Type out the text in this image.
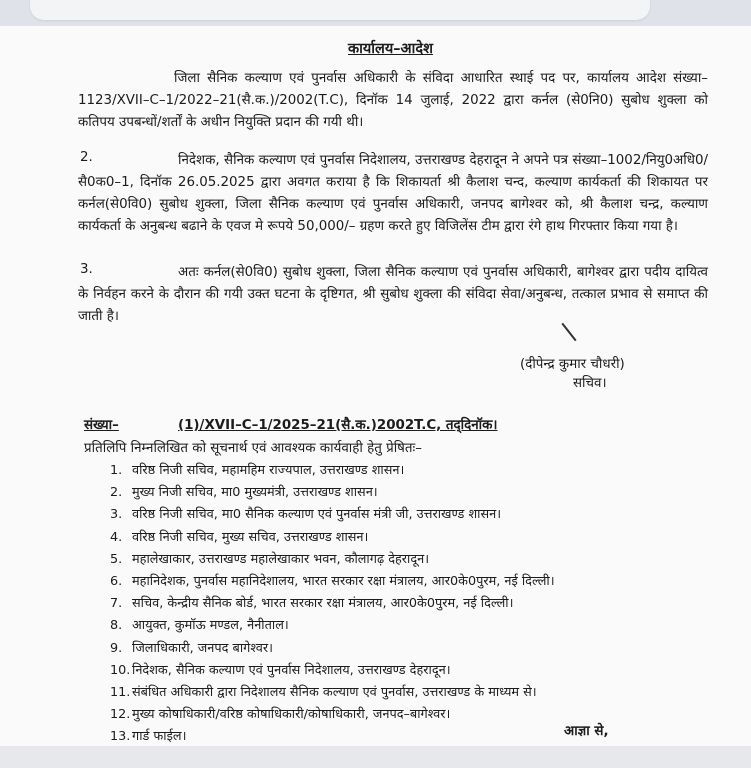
कार्यालय–आदेश
जिला सैनिक कल्याण एवं पुनर्वास अधिकारी के संविदा आधारित स्थाई पद पर, कार्यालय आदेश संख्या–1123/XVII–C–1/2022–21(सै.क.)/2002(T.C), दिनॉक 14 जुलाई, 2022 द्वारा कर्नल (से0नि0) सुबोध शुक्ला को कतिपय उपबन्धों/शर्तों के अधीन नियुक्ति प्रदान की गयी थी।
2.	निदेशक, सैनिक कल्याण एवं पुनर्वास निदेशालय, उत्तराखण्ड देहरादून ने अपने पत्र संख्या–1002/नियु0अधि0/सै0क0–1, दिनॉक 26.05.2025 द्वारा अवगत कराया है कि शिकायर्ता श्री कैलाश चन्द, कल्याण कार्यकर्ता की शिकायत पर कर्नल(से0वि0) सुबोध शुक्ला, जिला सैनिक कल्याण एवं पुनर्वास अधिकारी, जनपद बागेश्वर को, श्री कैलाश चन्द्र, कल्याण कार्यकर्ता के अनुबन्ध बढाने के एवज मे रूपये 50,000/– ग्रहण करते हुए विजिलेंस टीम द्वारा रंगे हाथ गिरफ्तार किया गया है।
3.	अतः कर्नल(से0वि0) सुबोध शुक्ला, जिला सैनिक कल्याण एवं पुनर्वास अधिकारी, बागेश्वर द्वारा पदीय दायित्व के निर्वहन करने के दौरान की गयी उक्त घटना के दृष्टिगत, श्री सुबोध शुक्ला की संविदा सेवा/अनुबन्ध, तत्काल प्रभाव से समाप्त की जाती है।
(दीपेन्द्र कुमार चौधरी)
सचिव।
संख्या–	(1)/XVII–C–1/2025–21(सै.क.)2002T.C, तद्‌दिनॉक।
प्रतिलिपि निम्नलिखित को सूचनार्थ एवं आवश्यक कार्यवाही हेतु प्रेषितः–
1. वरिष्ठ निजी सचिव, महामहिम राज्यपाल, उत्तराखण्ड शासन।
2. मुख्य निजी सचिव, मा0 मुख्यमंत्री, उत्तराखण्ड शासन।
3. वरिष्ठ निजी सचिव, मा0 सैनिक कल्याण एवं पुनर्वास मंत्री जी, उत्तराखण्ड शासन।
4. वरिष्ठ निजी सचिव, मुख्य सचिव, उत्तराखण्ड शासन।
5. महालेखाकार, उत्तराखण्ड महालेखाकार भवन, कौलागढ़ देहरादून।
6. महानिदेशक, पुनर्वास महानिदेशालय, भारत सरकार रक्षा मंत्रालय, आर0के0पुरम, नई दिल्ली।
7. सचिव, केन्द्रीय सैनिक बोर्ड, भारत सरकार रक्षा मंत्रालय, आर0के0पुरम, नई दिल्ली।
8. आयुक्त, कुमॉऊ मण्डल, नैनीताल।
9. जिलाधिकारी, जनपद बागेश्वर।
10. निदेशक, सैनिक कल्याण एवं पुनर्वास निदेशालय, उत्तराखण्ड देहरादून।
11. संबंधित अधिकारी द्वारा निदेशालय सैनिक कल्याण एवं पुनर्वास, उत्तराखण्ड के माध्यम से।
12. मुख्य कोषाधिकारी/वरिष्ठ कोषाधिकारी/कोषाधिकारी, जनपद–बागेश्वर।
13. गार्ड फाईल।	आज्ञा से,
